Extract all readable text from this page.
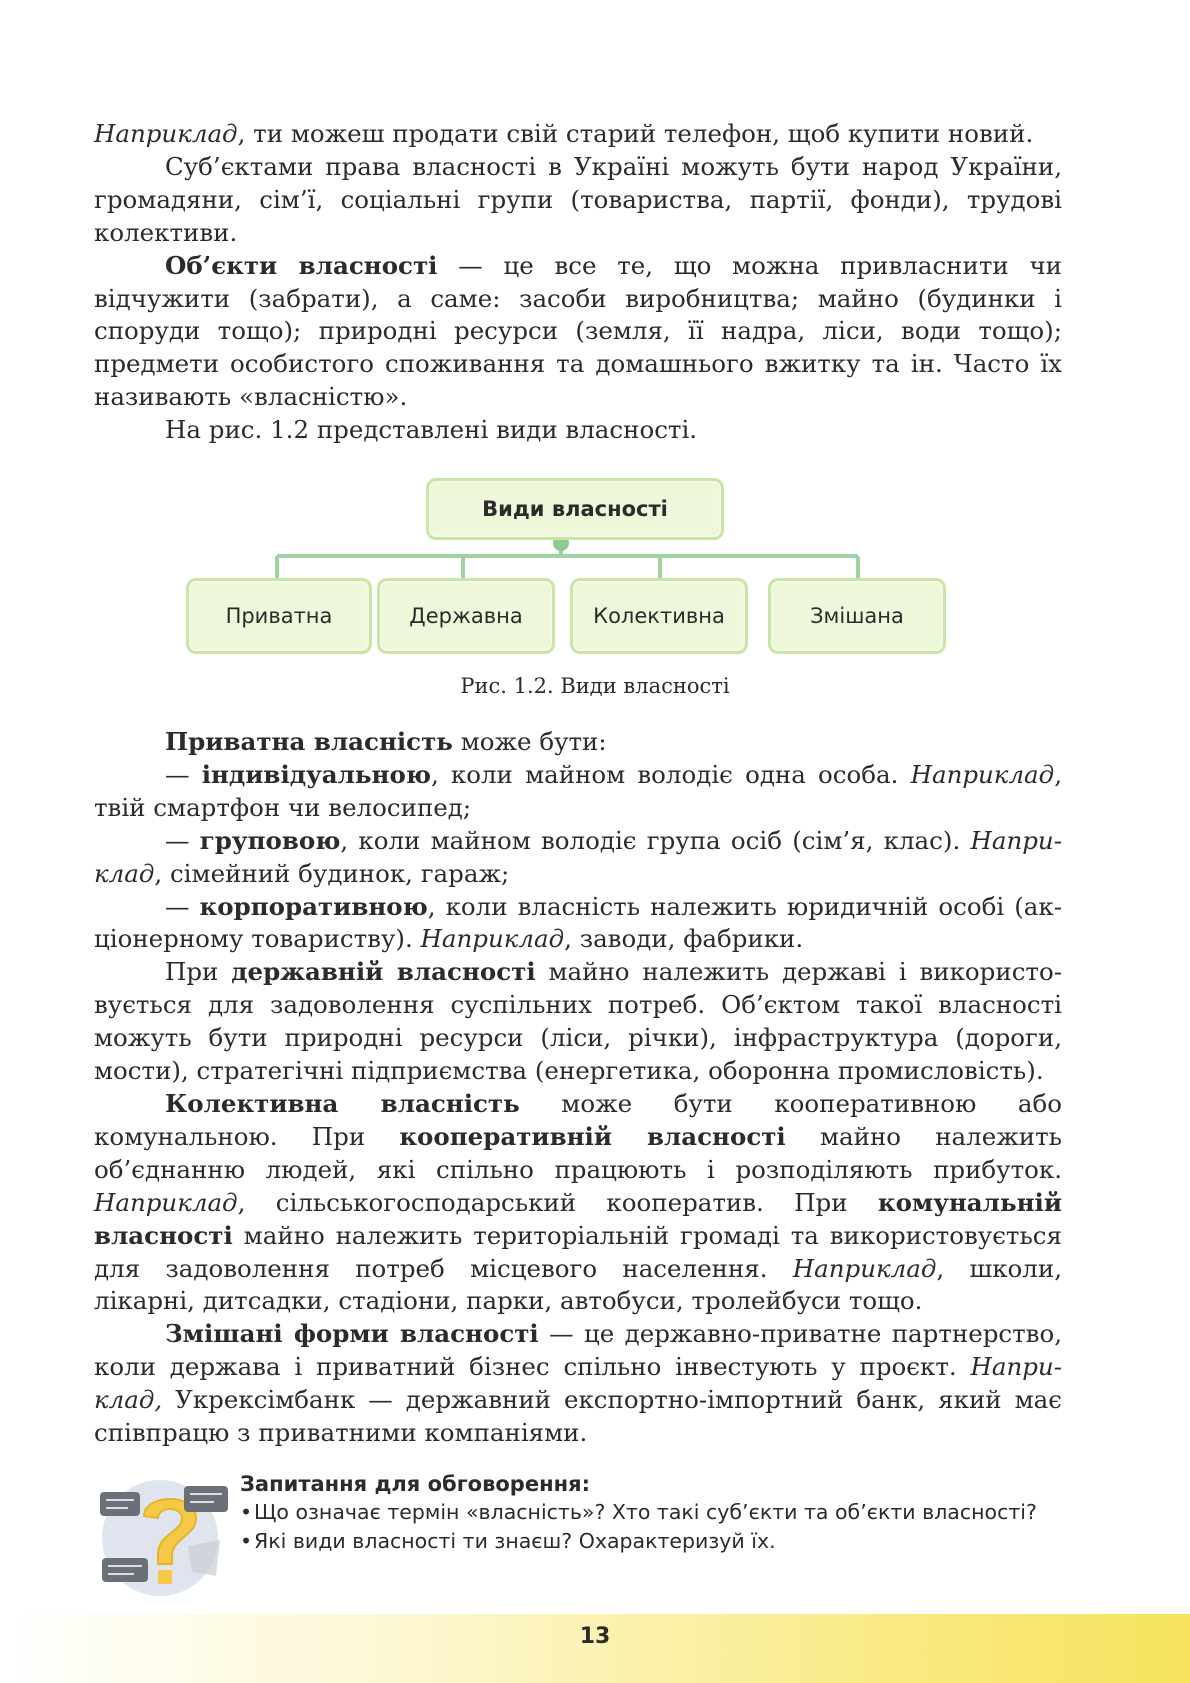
Наприклад, ти можеш продати свій старий телефон, щоб купити новий.

Суб’єктами права власності в Україні можуть бути народ України, громадяни, сім’ї, соціальні групи (товариства, партії, фонди), трудові колективи.

Об’єкти власності — це все те, що можна привласнити чи відчужити (забрати), а саме: засоби виробництва; майно (будинки і споруди тощо); природні ресурси (земля, її надра, ліси, води тощо); предмети особистого споживання та домашнього вжитку та ін. Часто їх називають «власністю».

На рис. 1.2 представлені види власності.

Види власності
Приватна	Державна	Колективна	Змішана
Рис. 1.2. Види власності

Приватна власність може бути:

— індивідуальною, коли майном володіє одна особа. Наприклад, твій смартфон чи велосипед;

— груповою, коли майном володіє група осіб (сім’я, клас). Наприклад, сімейний будинок, гараж;

— корпоративною, коли власність належить юридичній особі (акціонерному товариству). Наприклад, заводи, фабрики.

При державній власності майно належить державі і використовується для задоволення суспільних потреб. Об’єктом такої власності можуть бути природні ресурси (ліси, річки), інфраструктура (дороги, мости), стратегічні підприємства (енергетика, оборонна промисловість).

Колективна власність може бути кооперативною або комунальною. При кооперативній власності майно належить об’єднанню людей, які спільно працюють і розподіляють прибуток. Наприклад, сільськогосподарський кооператив. При комунальній власності майно належить територіальній громаді та використовується для задоволення потреб місцевого населення. Наприклад, школи, лікарні, дитсадки, стадіони, парки, автобуси, тролейбуси тощо.

Змішані форми власності — це державно-приватне партнерство, коли держава і приватний бізнес спільно інвестують у проєкт. Наприклад, Укрексімбанк — державний експортно-імпортний банк, який має співпрацю з приватними компаніями.

Запитання для обговорення:

•Що означає термін «власність»? Хто такі суб’єкти та об’єкти власності?

•Які види власності ти знаєш? Охарактеризуй їх.

13
